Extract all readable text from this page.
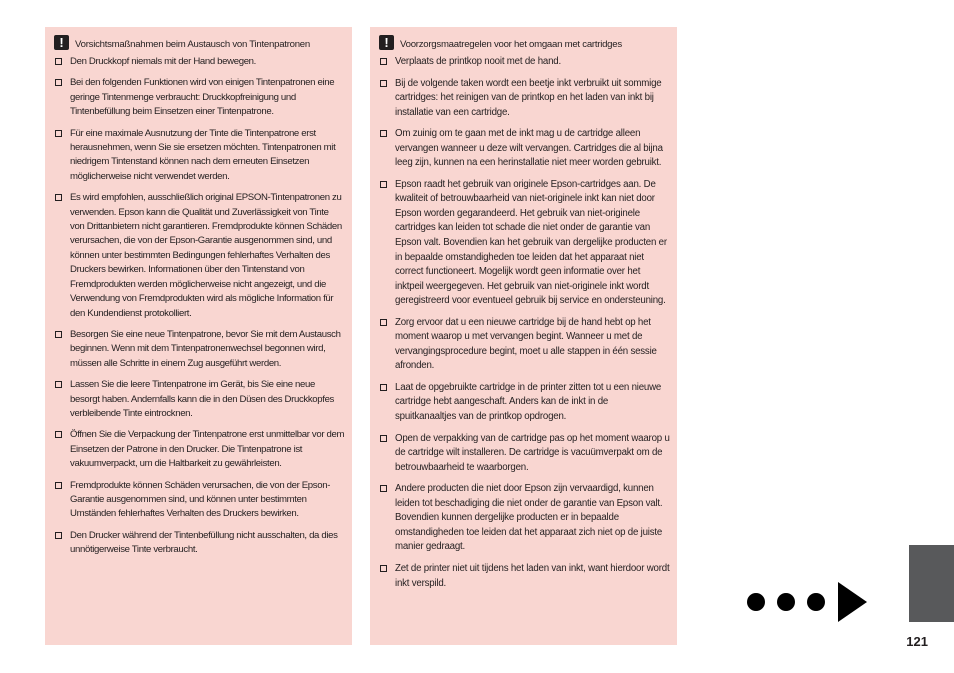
!	Vorsichtsmaßnahmen beim Austausch von Tintenpatronen
Den Druckkopf niemals mit der Hand bewegen.
Bei den folgenden Funktionen wird von einigen Tintenpatronen eine geringe Tintenmenge verbraucht: Druckkopfreinigung und Tintenbefüllung beim Einsetzen einer Tintenpatrone.
Für eine maximale Ausnutzung der Tinte die Tintenpatrone erst herausnehmen, wenn Sie sie ersetzen möchten. Tintenpatronen mit niedrigem Tintenstand können nach dem erneuten Einsetzen möglicherweise nicht verwendet werden.
Es wird empfohlen, ausschließlich original EPSON-Tintenpatronen zu verwenden. Epson kann die Qualität und Zuverlässigkeit von Tinte von Drittanbietern nicht garantieren. Fremdprodukte können Schäden verursachen, die von der Epson-Garantie ausgenommen sind, und können unter bestimmten Bedingungen fehlerhaftes Verhalten des Druckers bewirken. Informationen über den Tintenstand von Fremdprodukten werden möglicherweise nicht angezeigt, und die Verwendung von Fremdprodukten wird als mögliche Information für den Kundendienst protokolliert.
Besorgen Sie eine neue Tintenpatrone, bevor Sie mit dem Austausch beginnen. Wenn mit dem Tintenpatronenwechsel begonnen wird, müssen alle Schritte in einem Zug ausgeführt werden.
Lassen Sie die leere Tintenpatrone im Gerät, bis Sie eine neue besorgt haben. Andernfalls kann die in den Düsen des Druckkopfes verbleibende Tinte eintrocknen.
Öffnen Sie die Verpackung der Tintenpatrone erst unmittelbar vor dem Einsetzen der Patrone in den Drucker. Die Tintenpatrone ist vakuumverpackt, um die Haltbarkeit zu gewährleisten.
Fremdprodukte können Schäden verursachen, die von der Epson-Garantie ausgenommen sind, und können unter bestimmten Umständen fehlerhaftes Verhalten des Druckers bewirken.
Den Drucker während der Tintenbefüllung nicht ausschalten, da dies unnötigerweise Tinte verbraucht.
!	Voorzorgsmaatregelen voor het omgaan met cartridges
Verplaats de printkop nooit met de hand.
Bij de volgende taken wordt een beetje inkt verbruikt uit sommige cartridges: het reinigen van de printkop en het laden van inkt bij installatie van een cartridge.
Om zuinig om te gaan met de inkt mag u de cartridge alleen vervangen wanneer u deze wilt vervangen. Cartridges die al bijna leeg zijn, kunnen na een herinstallatie niet meer worden gebruikt.
Epson raadt het gebruik van originele Epson-cartridges aan. De kwaliteit of betrouwbaarheid van niet-originele inkt kan niet door Epson worden gegarandeerd. Het gebruik van niet-originele cartridges kan leiden tot schade die niet onder de garantie van Epson valt. Bovendien kan het gebruik van dergelijke producten er in bepaalde omstandigheden toe leiden dat het apparaat niet correct functioneert. Mogelijk wordt geen informatie over het inktpeil weergegeven. Het gebruik van niet-originele inkt wordt geregistreerd voor eventueel gebruik bij service en ondersteuning.
Zorg ervoor dat u een nieuwe cartridge bij de hand hebt op het moment waarop u met vervangen begint. Wanneer u met de vervangingsprocedure begint, moet u alle stappen in één sessie afronden.
Laat de opgebruikte cartridge in de printer zitten tot u een nieuwe cartridge hebt aangeschaft. Anders kan de inkt in de spuitkanaaltjes van de printkop opdrogen.
Open de verpakking van de cartridge pas op het moment waarop u de cartridge wilt installeren. De cartridge is vacuümverpakt om de betrouwbaarheid te waarborgen.
Andere producten die niet door Epson zijn vervaardigd, kunnen leiden tot beschadiging die niet onder de garantie van Epson valt. Bovendien kunnen dergelijke producten er in bepaalde omstandigheden toe leiden dat het apparaat zich niet op de juiste manier gedraagt.
Zet de printer niet uit tijdens het laden van inkt, want hierdoor wordt inkt verspild.
121
